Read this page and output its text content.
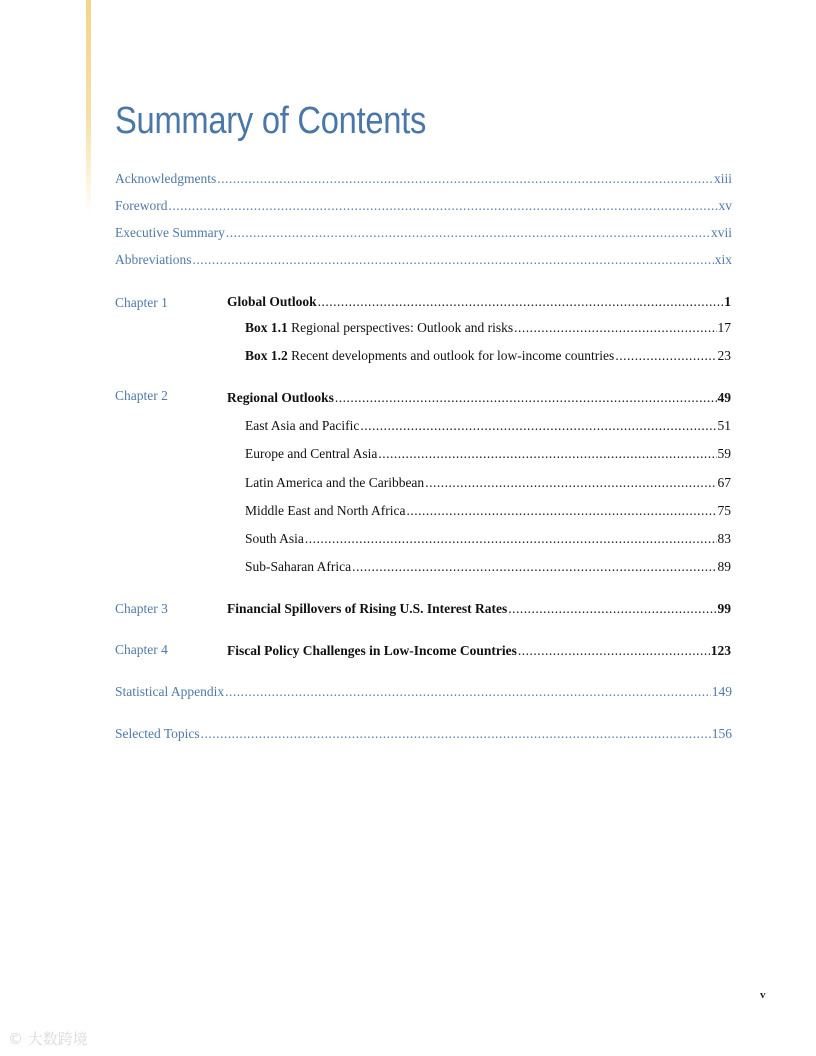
Summary of Contents
Acknowledgments .....	xiii
Foreword .....	xv
Executive Summary .....	xvii
Abbreviations .....	xix
Chapter 1	Global Outlook .....	1
Box 1.1 Regional perspectives: Outlook and risks .....	17
Box 1.2 Recent developments and outlook for low-income countries .....	23
Chapter 2	Regional Outlooks .....	49
East Asia and Pacific .....	51
Europe and Central Asia .....	59
Latin America and the Caribbean .....	67
Middle East and North Africa .....	75
South Asia .....	83
Sub-Saharan Africa .....	89
Chapter 3	Financial Spillovers of Rising U.S. Interest Rates .....	99
Chapter 4	Fiscal Policy Challenges in Low-Income Countries .....	123
Statistical Appendix .....	149
Selected Topics .....	156
v
© 大数跨境
